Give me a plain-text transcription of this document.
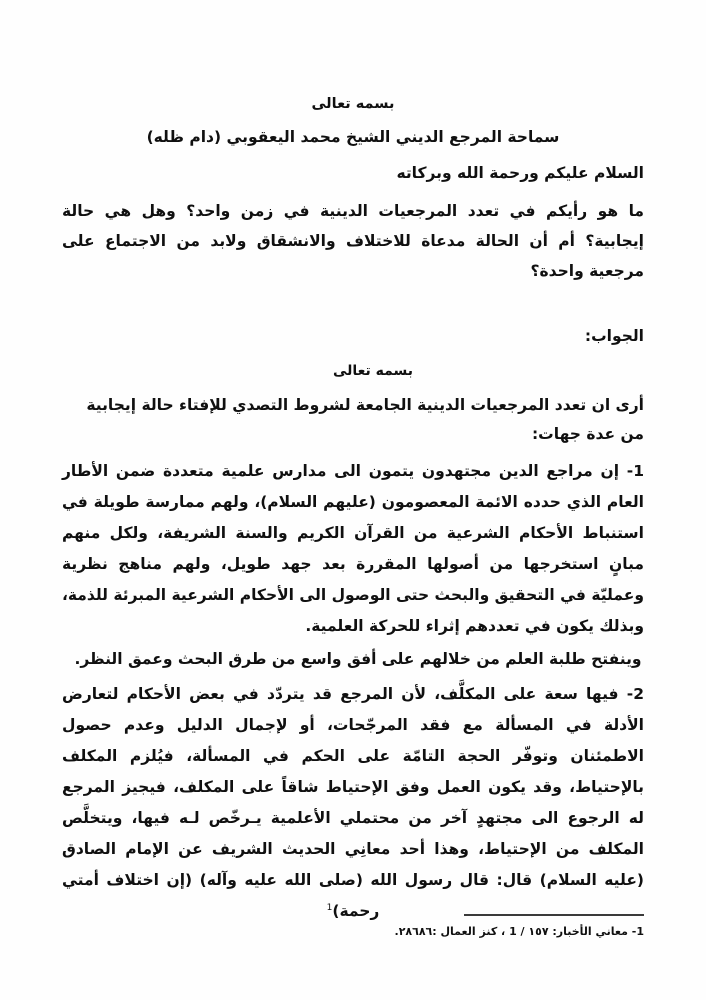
بسمه تعالى

سماحة المرجع الديني الشيخ محمد اليعقوبي (دام ظله)

السلام عليكم ورحمة الله وبركاته

ما هو رأيكم في تعدد المرجعيات الدينية في زمن واحد؟ وهل هي حالة إيجابية؟ أم أن الحالة مدعاة للاختلاف والانشقاق ولابد من الاجتماع على مرجعية واحدة؟

الجواب:

بسمه تعالى

أرى ان تعدد المرجعيات الدينية الجامعة لشروط التصدي للإفتاء حالة إيجابية من عدة جهات:

1- إن مراجع الدين مجتهدون يتمون الى مدارس علمية متعددة ضمن الأطار العام الذي حدده الائمة المعصومون (عليهم السلام)، ولهم ممارسة طويلة في استنباط الأحكام الشرعية من القرآن الكريم والسنة الشريفة، ولكل منهم مبانٍ استخرجها من أصولها المقررة بعد جهد طويل، ولهم مناهج نظرية وعمليّة في التحقيق والبحث حتى الوصول الى الأحكام الشرعية المبرئة للذمة، وبذلك يكون في تعددهم إثراء للحركة العلمية.

وينفتح طلبة العلم من خلالهم على أفق واسع من طرق البحث وعمق النظر.

2- فيها سعة على المكلَّف، لأن المرجع قد يتردّد في بعض الأحكام لتعارض الأدلة في المسألة مع فقد المرجّحات، أو لإجمال الدليل وعدم حصول الاطمئنان وتوفّر الحجة التامّة على الحكم في المسألة، فيُلزم المكلف بالإحتياط، وقد يكون العمل وفق الإحتياط شاقاً على المكلف، فيجيز المرجع له الرجوع الى مجتهدٍ آخر من محتملي الأعلمية يـرخّص لـه فيها، ويتخلَّص المكلف من الإحتياط، وهذا أحد معانِي الحديث الشريف عن الإمام الصادق (عليه السلام) قال: قال رسول الله (صلى الله عليه وآله) (إن اختلاف أمتي رحمة)$^1$

1- معاني الأخبار: ١٥٧ / 1 ، كنز العمال :٢٨٦٨٦.
